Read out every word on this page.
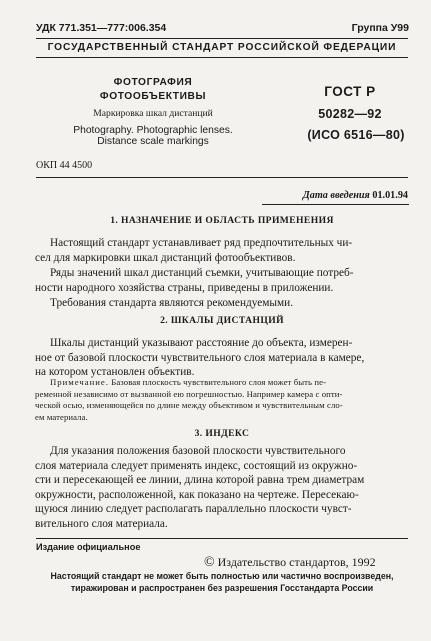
УДК 771.351—777:006.354	Группа У99
ГОСУДАРСТВЕННЫЙ СТАНДАРТ РОССИЙСКОЙ ФЕДЕРАЦИИ
ФОТОГРАФИЯ
ФОТООБЪЕКТИВЫ
Маркировка шкал дистанций
Photography. Photographic lenses.
Distance scale markings
ГОСТ Р
50282—92
(ИСО 6516—80)
ОКП 44 4500
Дата введения 01.01.94
1. НАЗНАЧЕНИЕ И ОБЛАСТЬ ПРИМЕНЕНИЯ
Настоящий стандарт устанавливает ряд предпочтительных чи-
сел для маркировки шкал дистанций фотообъективов.
Ряды значений шкал дистанций съемки, учитывающие потреб-
ности народного хозяйства страны, приведены в приложении.
Требования стандарта являются рекомендуемыми.
2. ШКАЛЫ ДИСТАНЦИЙ
Шкалы дистанций указывают расстояние до объекта, измерен-
ное от базовой плоскости чувствительного слоя материала в камере,
на котором установлен объектив.
Примечание. Базовая плоскость чувствительного слоя может быть пе-
ременной независимо от вызванной ею погрешностью. Например камера с опти-
ческой осью, изменяющейся по длине между объективом и чувствительным сло-
ем материала.
3. ИНДЕКС
Для указания положения базовой плоскости чувствительного
слоя материала следует применять индекс, состоящий из окружно-
сти и пересекающей ее линии, длина которой равна трем диаметрам
окружности, расположенной, как показано на чертеже. Пересекаю-
щуюся линию следует располагать параллельно плоскости чувст-
вительного слоя материала.
Издание официальное
© Издательство стандартов, 1992
Настоящий стандарт не может быть полностью или частично воспроизведен,
тиражирован и распространен без разрешения Госстандарта России
